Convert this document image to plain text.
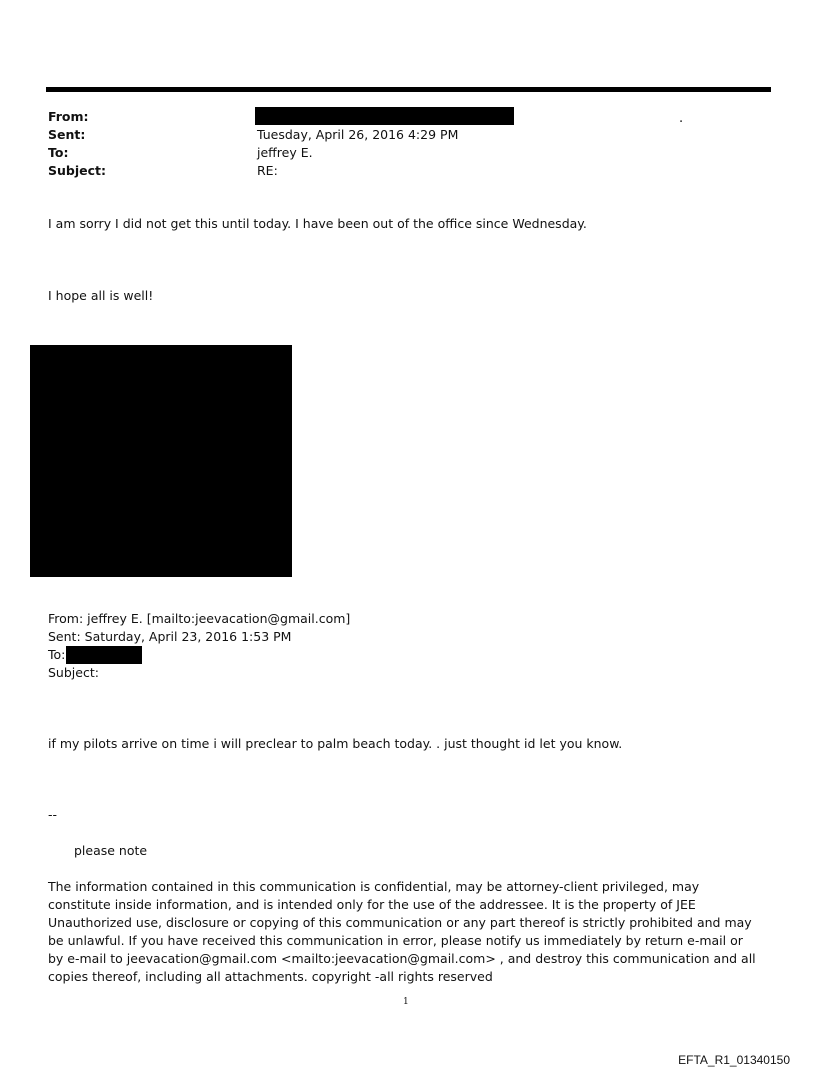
From:	.
Sent:	Tuesday, April 26, 2016 4:29 PM
To:	jeffrey E.
Subject:	RE:
I am sorry I did not get this until today. I have been out of the office since Wednesday.
I hope all is well!
From: jeffrey E. [mailto:jeevacation@gmail.com]
Sent: Saturday, April 23, 2016 1:53 PM
To:
Subject:
if my pilots arrive on time i will preclear to palm beach today. . just thought id let you know.
--
please note
The information contained in this communication is confidential, may be attorney-client privileged, may constitute inside information, and is intended only for the use of the addressee. It is the property of JEE Unauthorized use, disclosure or copying of this communication or any part thereof is strictly prohibited and may be unlawful. If you have received this communication in error, please notify us immediately by return e-mail or by e-mail to jeevacation@gmail.com <mailto:jeevacation@gmail.com> , and destroy this communication and all copies thereof, including all attachments. copyright -all rights reserved
1
EFTA_R1_01340150
